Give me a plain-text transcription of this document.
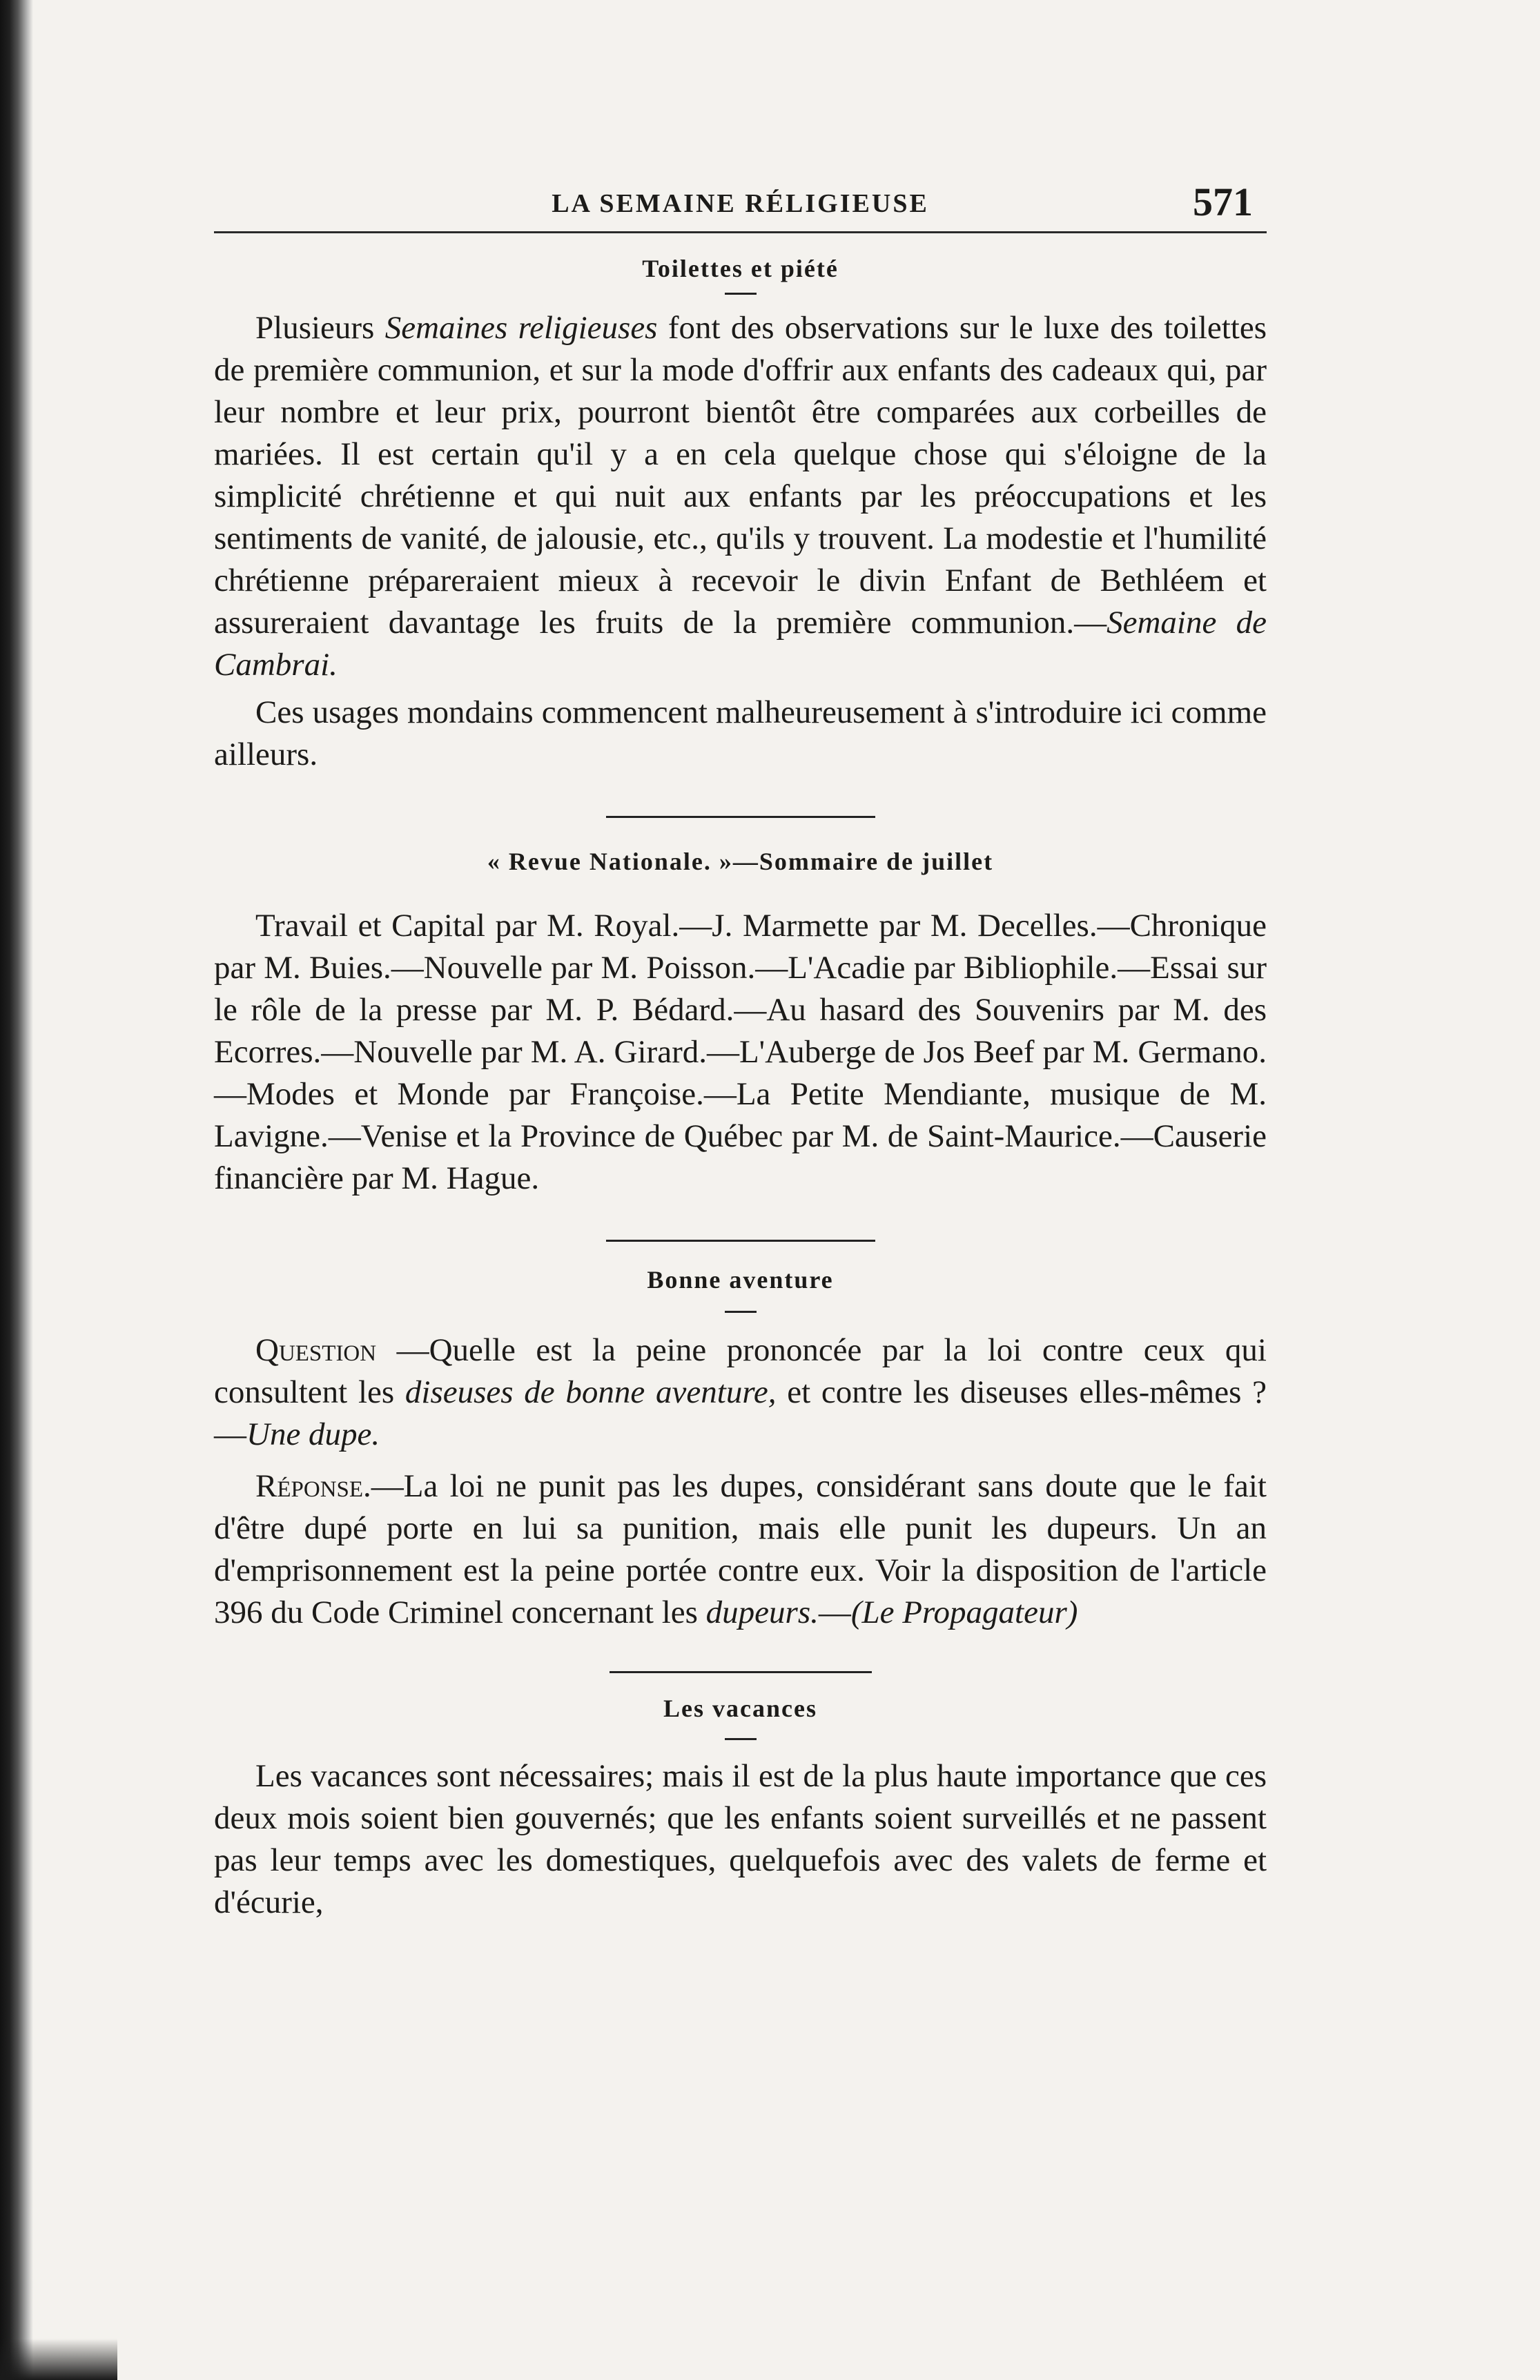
LA SEMAINE RÉLIGIEUSE	571
Toilettes et piété

Plusieurs Semaines religieuses font des observations sur le luxe des toilettes de première communion, et sur la mode d'offrir aux enfants des cadeaux qui, par leur nombre et leur prix, pourront bientôt être comparées aux corbeilles de mariées. Il est certain qu'il y a en cela quelque chose qui s'éloigne de la simplicité chrétienne et qui nuit aux enfants par les préoccupations et les sentiments de vanité, de jalousie, etc., qu'ils y trouvent. La modestie et l'humilité chrétienne prépareraient mieux à recevoir le divin Enfant de Bethléem et assureraient davantage les fruits de la première communion.—Semaine de Cambrai.

Ces usages mondains commencent malheureusement à s'introduire ici comme ailleurs.

« Revue Nationale. »—Sommaire de juillet

Travail et Capital par M. Royal.—J. Marmette par M. Decelles.—Chronique par M. Buies.—Nouvelle par M. Poisson.—L'Acadie par Bibliophile.—Essai sur le rôle de la presse par M. P. Bédard.—Au hasard des Souvenirs par M. des Ecorres.—Nouvelle par M. A. Girard.—L'Auberge de Jos Beef par M. Germano.—Modes et Monde par Françoise.—La Petite Mendiante, musique de M. Lavigne.—Venise et la Province de Québec par M. de Saint-Maurice.—Causerie financière par M. Hague.

Bonne aventure

Question —Quelle est la peine prononcée par la loi contre ceux qui consultent les diseuses de bonne aventure, et contre les diseuses elles-mêmes ?—Une dupe.

Réponse.—La loi ne punit pas les dupes, considérant sans doute que le fait d'être dupé porte en lui sa punition, mais elle punit les dupeurs. Un an d'emprisonnement est la peine portée contre eux. Voir la disposition de l'article 396 du Code Criminel concernant les dupeurs.—(Le Propagateur)

Les vacances

Les vacances sont nécessaires; mais il est de la plus haute importance que ces deux mois soient bien gouvernés; que les enfants soient surveillés et ne passent pas leur temps avec les domestiques, quelquefois avec des valets de ferme et d'écurie,
